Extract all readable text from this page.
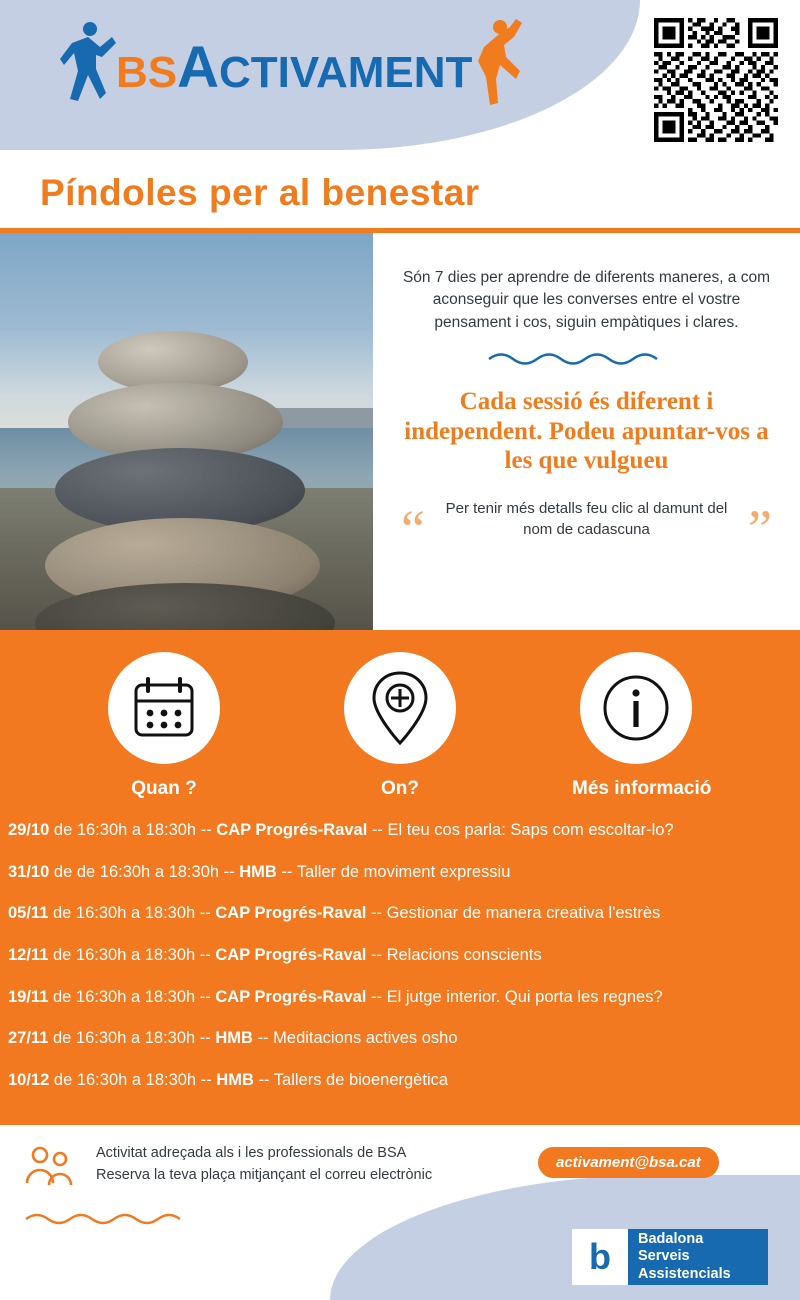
BSACTIVAMENT
Píndoles per al benestar

Són 7 dies per aprendre de diferents maneres, a com aconseguir que les converses entre el vostre pensament i cos, siguin empàtiques i clares.

Cada sessió és diferent i independent. Podeu apuntar-vos a les que vulgueu

“	Per tenir més detalls feu clic al damunt del nom de cadascuna	”
Quan ?	On?	Més informació
29/10 de 16:30h a 18:30h -- CAP Progrés-Raval -- El teu cos parla: Saps com escoltar-lo?
31/10 de de 16:30h a 18:30h -- HMB -- Taller de moviment expressiu
05/11 de 16:30h a 18:30h -- CAP Progrés-Raval -- Gestionar de manera creativa l'estrès
12/11 de 16:30h a 18:30h -- CAP Progrés-Raval -- Relacions conscients
19/11 de 16:30h a 18:30h -- CAP Progrés-Raval -- El jutge interior. Qui porta les regnes?
27/11 de 16:30h a 18:30h -- HMB -- Meditacions actives osho
10/12 de 16:30h a 18:30h -- HMB -- Tallers de bioenergètica
Activitat adreçada als i les professionals de BSA
Reserva la teva plaça mitjançant el correu electrònic
activament@bsa.cat
b	Badalona
Serveis
Assistencials
